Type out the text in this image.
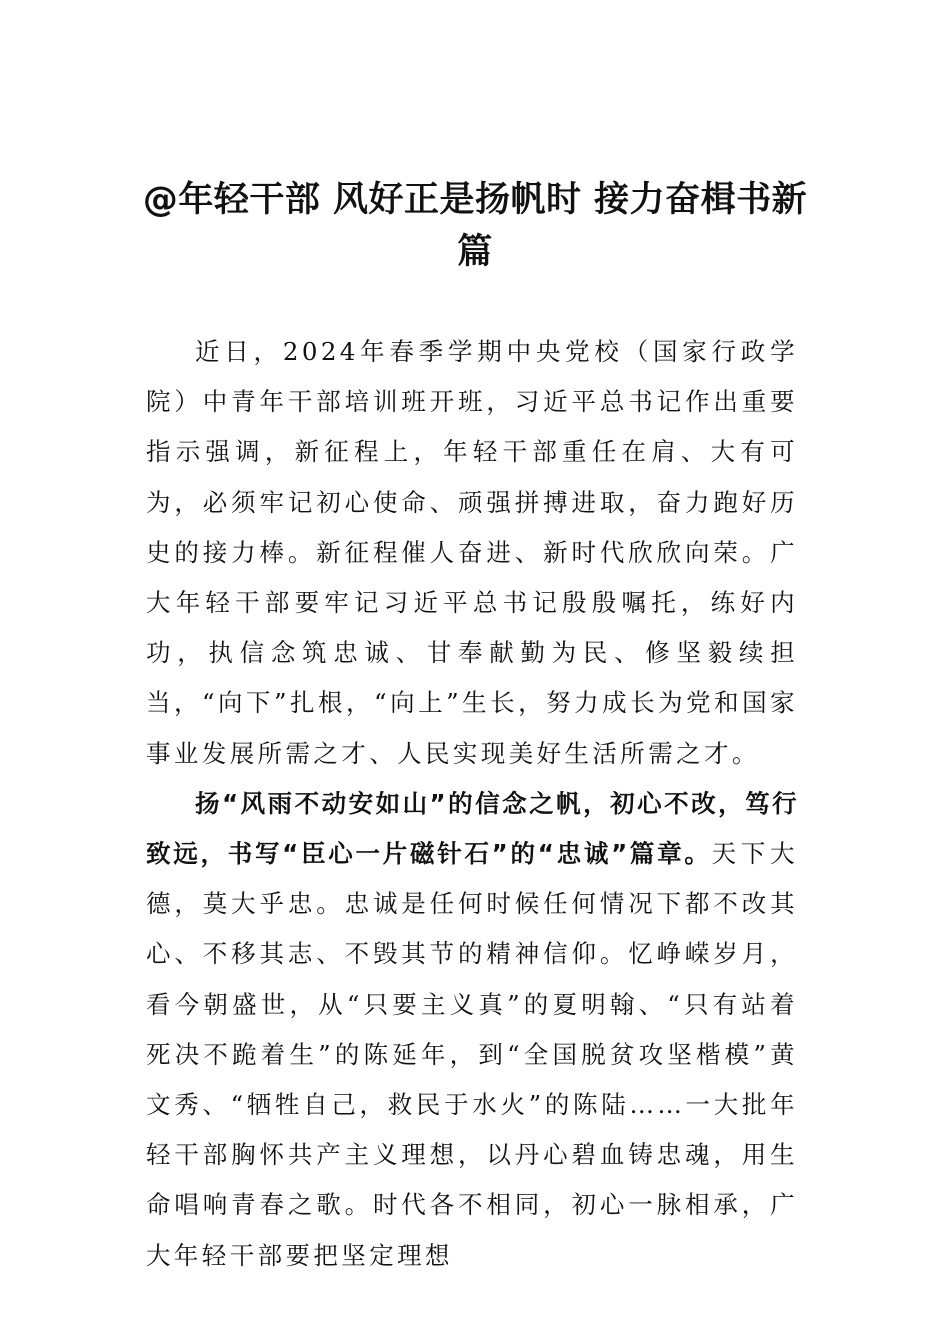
@年轻干部 风好正是扬帆时 接力奋楫书新篇

近日，2024年春季学期中央党校（国家行政学院）中青年干部培训班开班，习近平总书记作出重要指示强调，新征程上，年轻干部重任在肩、大有可为，必须牢记初心使命、顽强拼搏进取，奋力跑好历史的接力棒。新征程催人奋进、新时代欣欣向荣。广大年轻干部要牢记习近平总书记殷殷嘱托，练好内功，执信念筑忠诚、甘奉献勤为民、修坚毅续担当，“向下”扎根，“向上”生长，努力成长为党和国家事业发展所需之才、人民实现美好生活所需之才。

扬“风雨不动安如山”的信念之帆，初心不改，笃行致远，书写“臣心一片磁针石”的“忠诚”篇章。天下大德，莫大乎忠。忠诚是任何时候任何情况下都不改其心、不移其志、不毁其节的精神信仰。忆峥嵘岁月，看今朝盛世，从“只要主义真”的夏明翰、“只有站着死决不跪着生”的陈延年，到“全国脱贫攻坚楷模”黄文秀、“牺牲自己，救民于水火”的陈陆……一大批年轻干部胸怀共产主义理想，以丹心碧血铸忠魂，用生命唱响青春之歌。时代各不相同，初心一脉相承，广大年轻干部要把坚定理想
